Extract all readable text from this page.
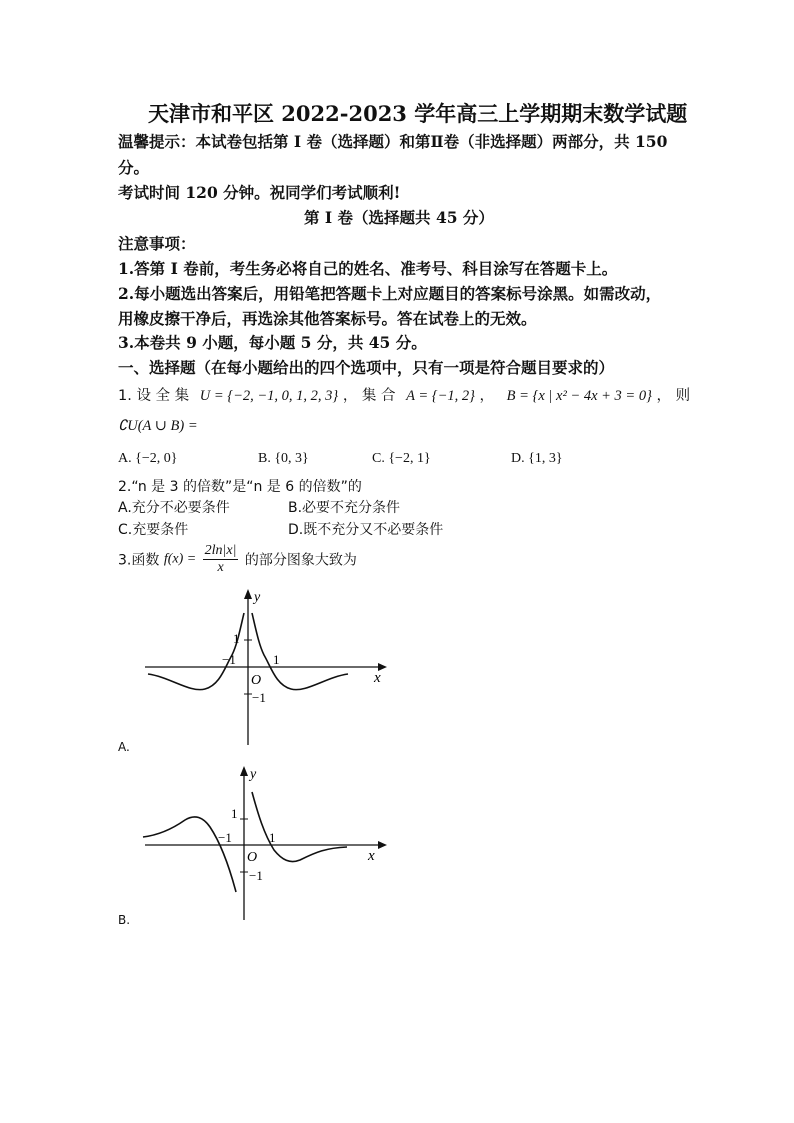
天津市和平区 2022-2023 学年高三上学期期末数学试题
温馨提示：本试卷包括第 I 卷（选择题）和第Ⅱ卷（非选择题）两部分，共 150
分。
考试时间 120 分钟。祝同学们考试顺利!
第 I 卷（选择题共 45 分）
注意事项：
1.答第 I 卷前，考生务必将自己的姓名、准考号、科目涂写在答题卡上。
2.每小题选出答案后，用铅笔把答题卡上对应题目的答案标号涂黑。如需改动，
用橡皮擦干净后，再选涂其他答案标号。答在试卷上的无效。
3.本卷共 9 小题，每小题 5 分，共 45 分。
一、选择题（在每小题给出的四个选项中，只有一项是符合题目要求的）
1. 设 全 集 U = {−2, −1, 0, 1, 2, 3} ， 集 合 A = {−1, 2} ， B = {x | x² − 4x + 3 = 0} ， 则
∁U(A ∪ B) =
A. {−2, 0}	B. {0, 3}	C. {−2, 1}	D. {1, 3}
2.“n 是 3 的倍数”是“n 是 6 的倍数”的
A.充分不必要条件	B.必要不充分条件
C.充要条件	D.既不充分又不必要条件
3.函数 $f(x) = \frac{2\ln|x|}{x}$ 的部分图象大致为
y
x
O
1
−1
−1	1
A.
y
x
O
1
−1
−1	1
B.
